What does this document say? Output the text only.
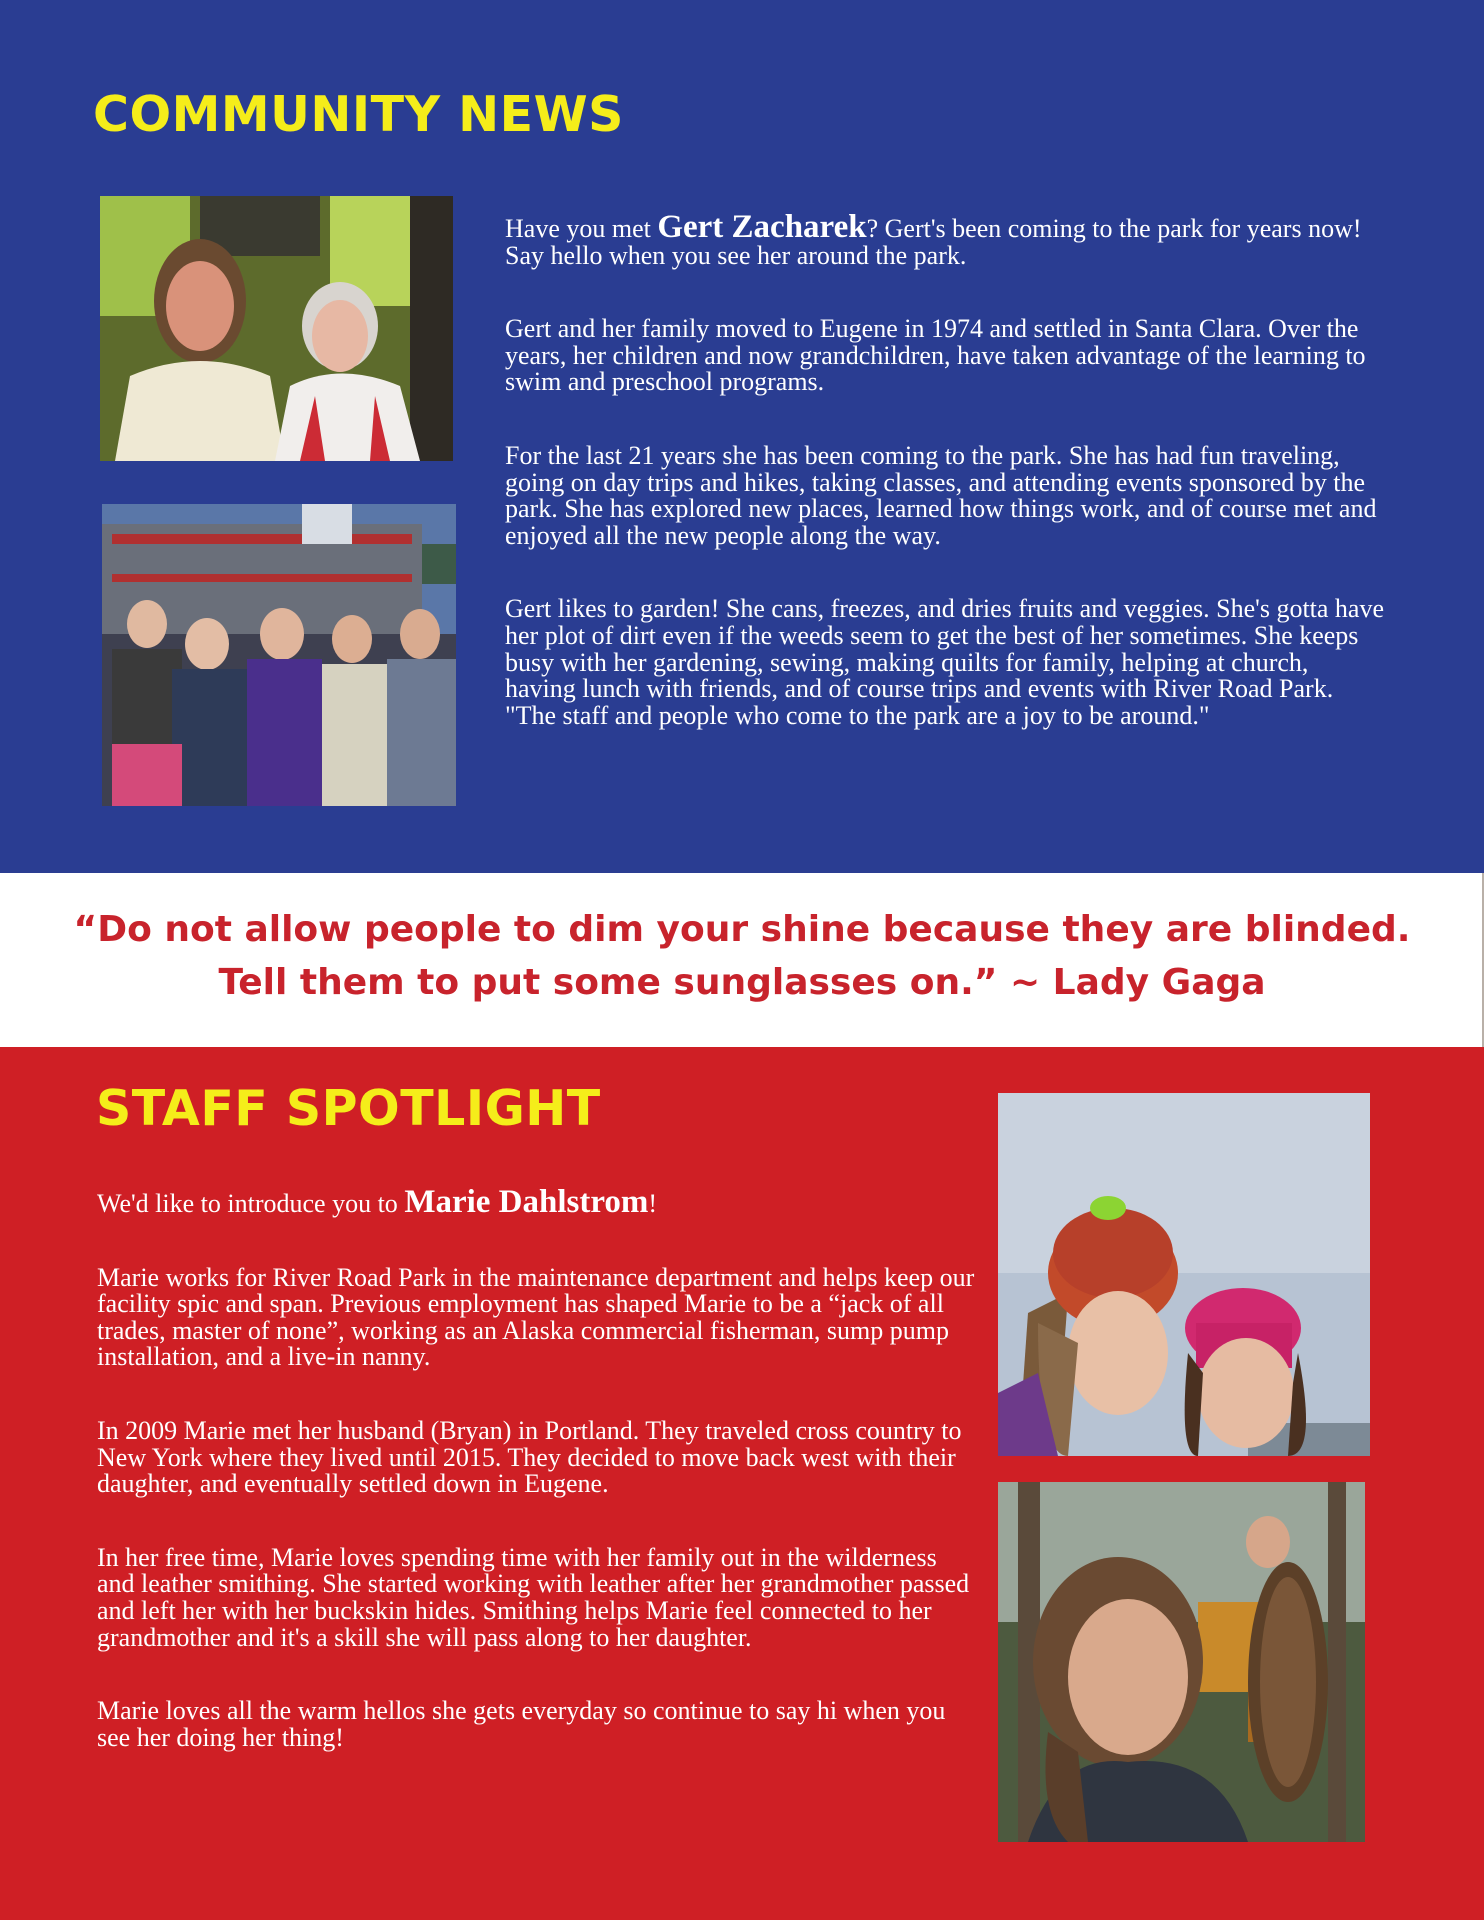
COMMUNITY NEWS

Have you met Gert Zacharek? Gert's been coming to the park for years now! Say hello when you see her around the park.

Gert and her family moved to Eugene in 1974 and settled in Santa Clara. Over the years, her children and now grandchildren, have taken advantage of the learning to swim and preschool programs.

For the last 21 years she has been coming to the park. She has had fun traveling, going on day trips and hikes, taking classes, and attending events sponsored by the park. She has explored new places, learned how things work, and of course met and enjoyed all the new people along the way.

Gert likes to garden! She cans, freezes, and dries fruits and veggies. She's gotta have her plot of dirt even if the weeds seem to get the best of her sometimes. She keeps busy with her gardening, sewing, making quilts for family, helping at church, having lunch with friends, and of course trips and events with River Road Park. "The staff and people who come to the park are a joy to be around."

“Do not allow people to dim your shine because they are blinded.
Tell them to put some sunglasses on.” ~ Lady Gaga

STAFF SPOTLIGHT

We'd like to introduce you to Marie Dahlstrom!

Marie works for River Road Park in the maintenance department and helps keep our facility spic and span. Previous employment has shaped Marie to be a “jack of all trades, master of none”, working as an Alaska commercial fisherman, sump pump installation, and a live-in nanny.

In 2009 Marie met her husband (Bryan) in Portland. They traveled cross country to New York where they lived until 2015. They decided to move back west with their daughter, and eventually settled down in Eugene.

In her free time, Marie loves spending time with her family out in the wilderness and leather smithing. She started working with leather after her grandmother passed and left her with her buckskin hides. Smithing helps Marie feel connected to her grandmother and it's a skill she will pass along to her daughter.

Marie loves all the warm hellos she gets everyday so continue to say hi when you see her doing her thing!
